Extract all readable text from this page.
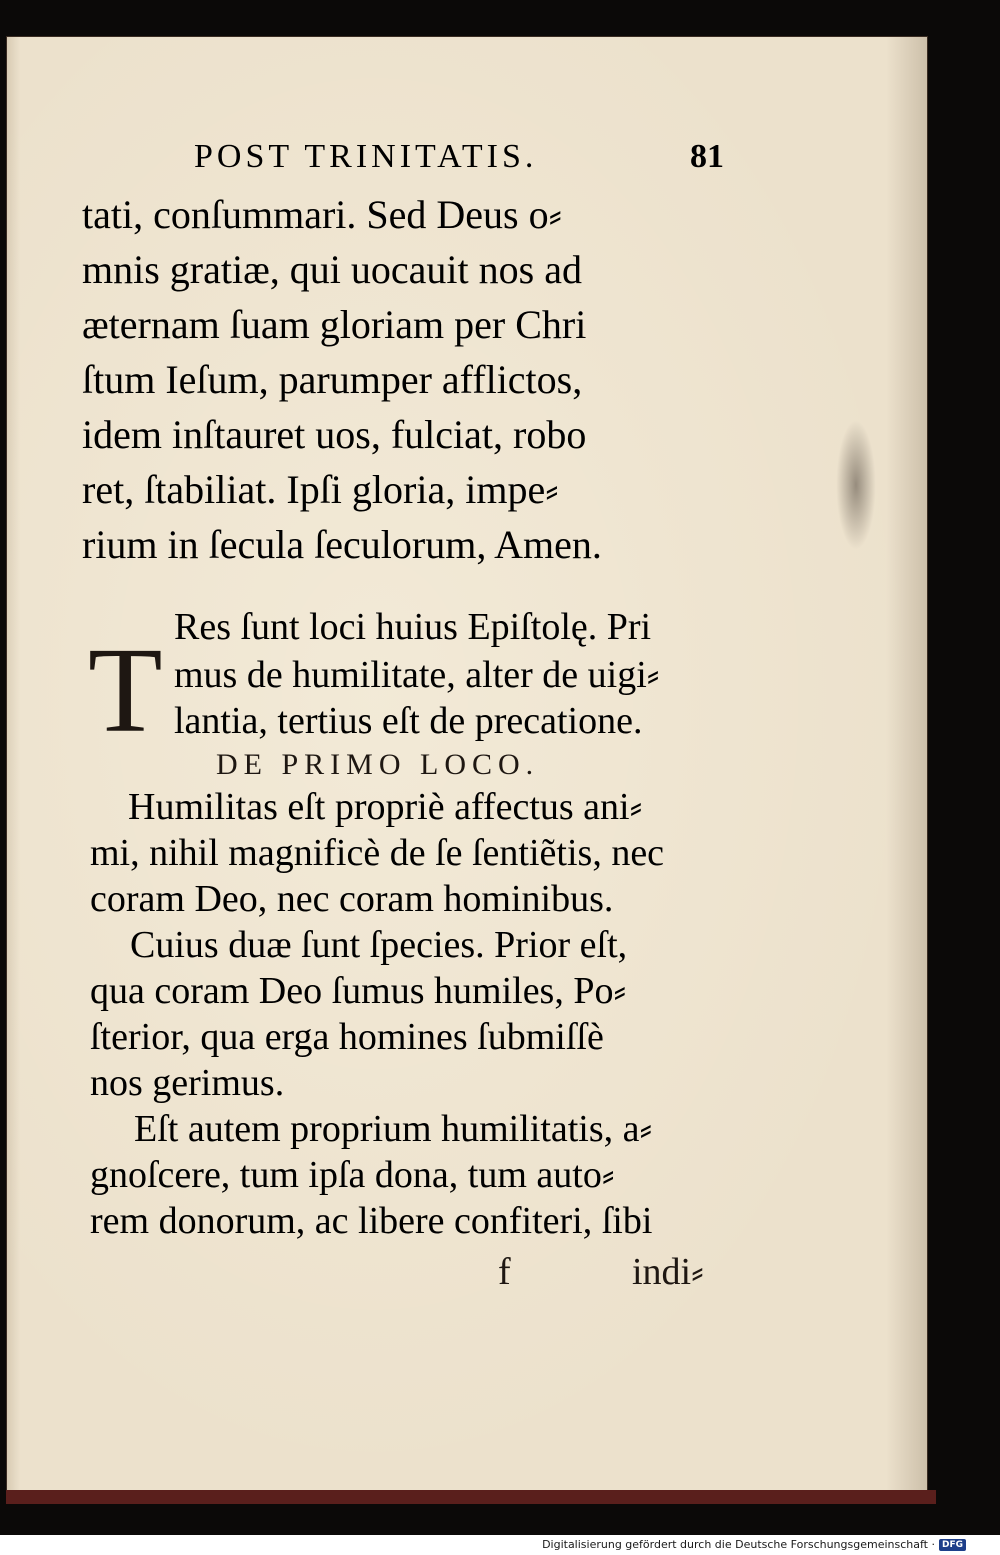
POST TRINITATIS.	81
tati, conſummari. Sed Deus o⸗
mnis gratiæ, qui uocauit nos ad
æternam ſuam gloriam per Chri
ſtum Ieſum, parumper afflictos,
idem inſtauret uos, fulciat, robo
ret, ſtabiliat. Ipſi gloria, impe⸗
rium in ſecula ſeculorum, Amen.
T Res ſunt loci huius Epiſtolę. Pri
mus de humilitate, alter de uigi⸗
lantia, tertius eſt de precatione.
DE PRIMO LOCO.
Humilitas eſt propriè affectus ani⸗
mi, nihil magnificè de ſe ſentiẽtis, nec
coram Deo, nec coram hominibus.
Cuius duæ ſunt ſpecies. Prior eſt,
qua coram Deo ſumus humiles, Po⸗
ſterior, qua erga homines ſubmiſſè
nos gerimus.
Eſt autem proprium humilitatis, a⸗
gnoſcere, tum ipſa dona, tum auto⸗
rem donorum, ac libere confiteri, ſibi
f	indi⸗
Digitalisierung gefördert durch die Deutsche Forschungsgemeinschaft · DFG
